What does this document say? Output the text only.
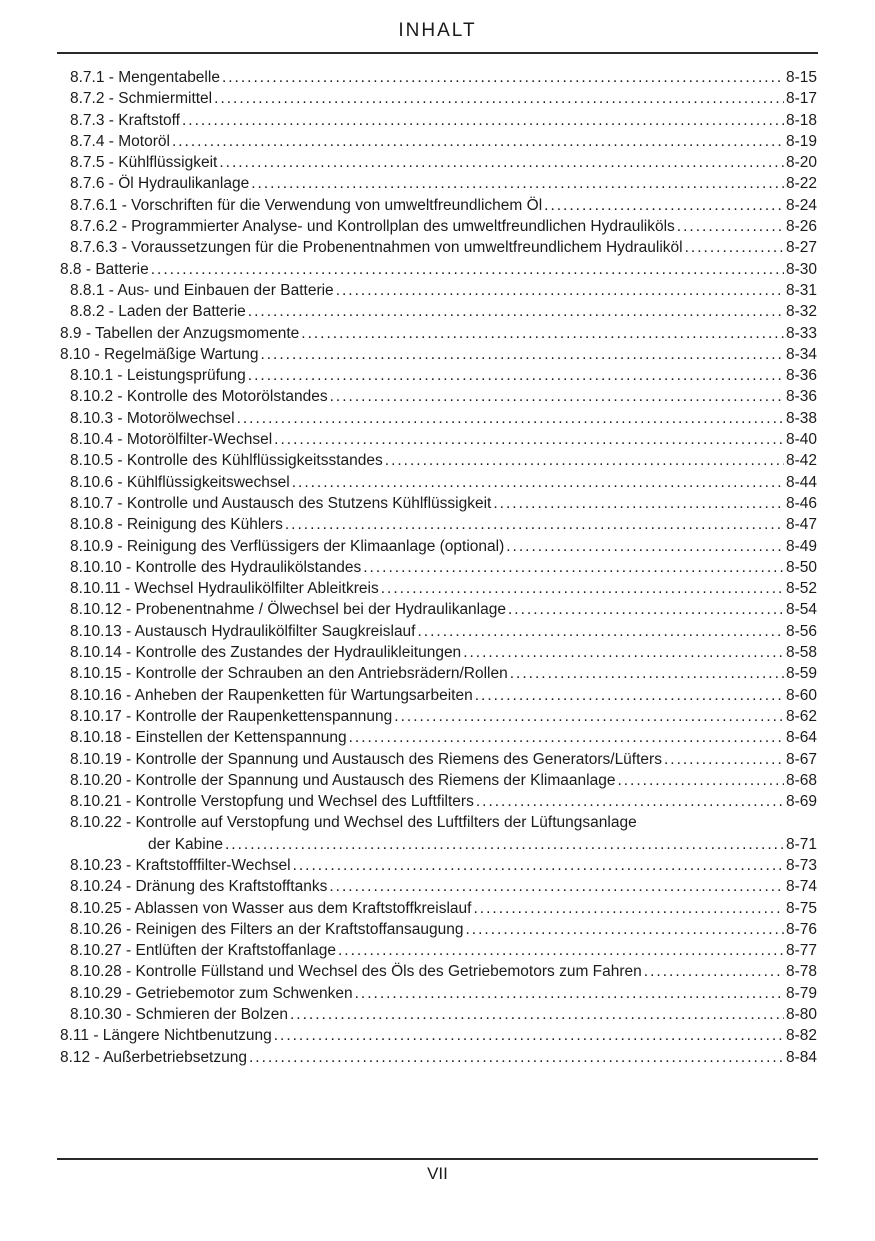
INHALT
8.7.1 - Mengentabelle .....	8-15
8.7.2 - Schmiermittel .....	8-17
8.7.3 - Kraftstoff .....	8-18
8.7.4 - Motoröl .....	8-19
8.7.5 - Kühlflüssigkeit .....	8-20
8.7.6 - Öl Hydraulikanlage .....	8-22
8.7.6.1 - Vorschriften für die Verwendung von umweltfreundlichem Öl .....	8-24
8.7.6.2 - Programmierter Analyse- und Kontrollplan des umweltfreundlichen Hydrauliköls .....	8-26
8.7.6.3 - Voraussetzungen für die Probenentnahmen von umweltfreundlichem Hydrauliköl .....	8-27
8.8 - Batterie .....	8-30
8.8.1 - Aus- und Einbauen der Batterie .....	8-31
8.8.2 - Laden der Batterie .....	8-32
8.9 - Tabellen der Anzugsmomente .....	8-33
8.10 - Regelmäßige Wartung .....	8-34
8.10.1 - Leistungsprüfung .....	8-36
8.10.2 - Kontrolle des Motorölstandes .....	8-36
8.10.3 - Motorölwechsel .....	8-38
8.10.4 - Motorölfilter-Wechsel .....	8-40
8.10.5 - Kontrolle des Kühlflüssigkeitsstandes .....	8-42
8.10.6 - Kühlflüssigkeitswechsel .....	8-44
8.10.7 - Kontrolle und Austausch des Stutzens Kühlflüssigkeit .....	8-46
8.10.8 - Reinigung des Kühlers .....	8-47
8.10.9 - Reinigung des Verflüssigers der Klimaanlage (optional) .....	8-49
8.10.10 - Kontrolle des Hydraulikölstandes .....	8-50
8.10.11 - Wechsel Hydraulikölfilter Ableitkreis .....	8-52
8.10.12 - Probenentnahme / Ölwechsel bei der Hydraulikanlage .....	8-54
8.10.13 - Austausch Hydraulikölfilter Saugkreislauf .....	8-56
8.10.14 - Kontrolle des Zustandes der Hydraulikleitungen .....	8-58
8.10.15 - Kontrolle der Schrauben an den Antriebsrädern/Rollen .....	8-59
8.10.16 - Anheben der Raupenketten für Wartungsarbeiten .....	8-60
8.10.17 - Kontrolle der Raupenkettenspannung .....	8-62
8.10.18 - Einstellen der Kettenspannung .....	8-64
8.10.19 - Kontrolle der Spannung und Austausch des Riemens des Generators/Lüfters .....	8-67
8.10.20 - Kontrolle der Spannung und Austausch des Riemens der Klimaanlage .....	8-68
8.10.21 - Kontrolle Verstopfung und Wechsel des Luftfilters .....	8-69
8.10.22 - Kontrolle auf Verstopfung und Wechsel des Luftfilters der Lüftungsanlage
der Kabine .....	8-71
8.10.23 - Kraftstofffilter-Wechsel .....	8-73
8.10.24 - Dränung des Kraftstofftanks .....	8-74
8.10.25 - Ablassen von Wasser aus dem Kraftstoffkreislauf .....	8-75
8.10.26 - Reinigen des Filters an der Kraftstoffansaugung .....	8-76
8.10.27 - Entlüften der Kraftstoffanlage .....	8-77
8.10.28 - Kontrolle Füllstand und Wechsel des Öls des Getriebemotors zum Fahren .....	8-78
8.10.29 - Getriebemotor zum Schwenken .....	8-79
8.10.30 - Schmieren der Bolzen .....	8-80
8.11 - Längere Nichtbenutzung .....	8-82
8.12 - Außerbetriebsetzung .....	8-84
VII
